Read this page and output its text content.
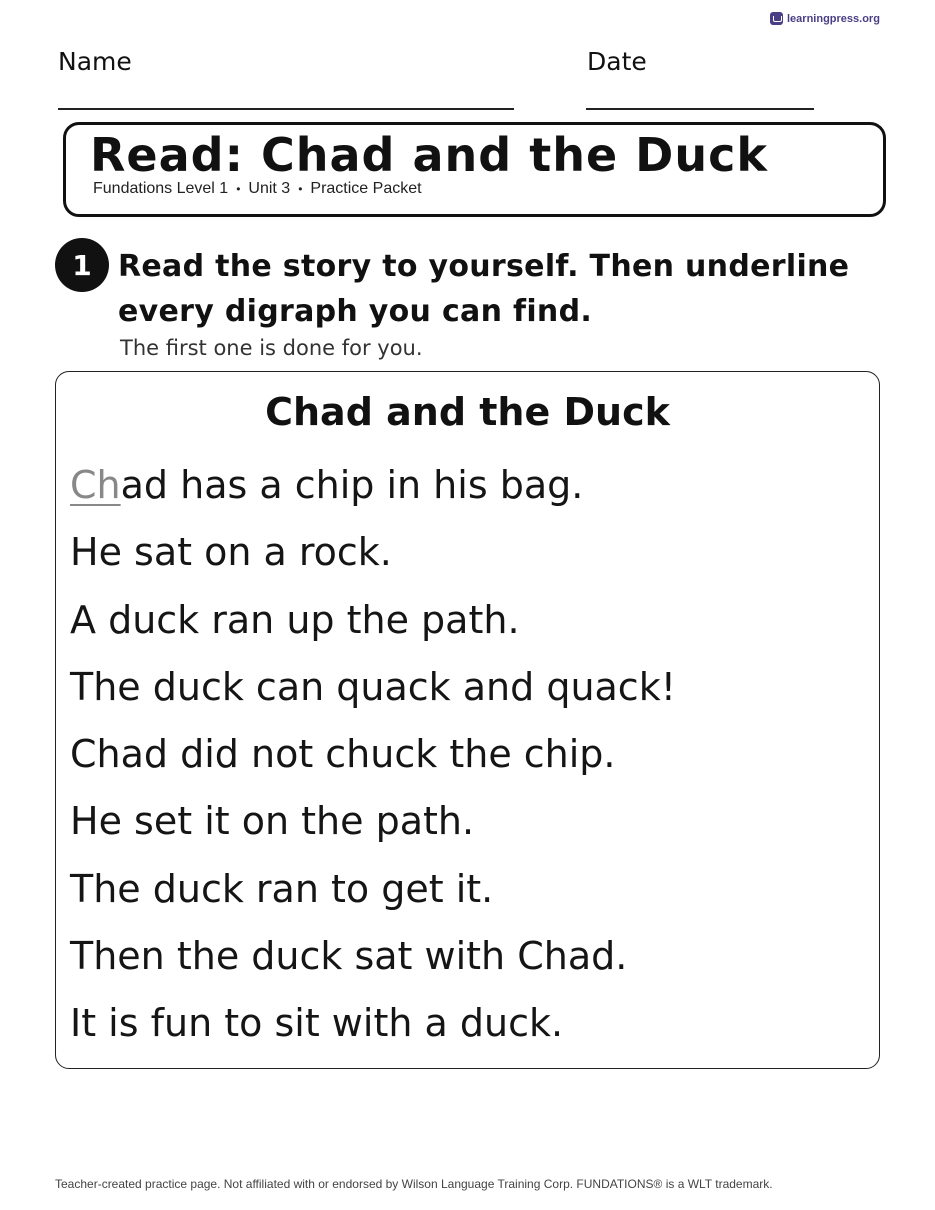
learningpress.org
Name	Date
Read: Chad and the Duck
Fundations Level 1 • Unit 3 • Practice Packet
1 Read the story to yourself. Then underline every digraph you can find.
The first one is done for you.
Chad and the Duck
Chad has a chip in his bag.
He sat on a rock.
A duck ran up the path.
The duck can quack and quack!
Chad did not chuck the chip.
He set it on the path.
The duck ran to get it.
Then the duck sat with Chad.
It is fun to sit with a duck.
Teacher-created practice page. Not affiliated with or endorsed by Wilson Language Training Corp. FUNDATIONS® is a WLT trademark.
